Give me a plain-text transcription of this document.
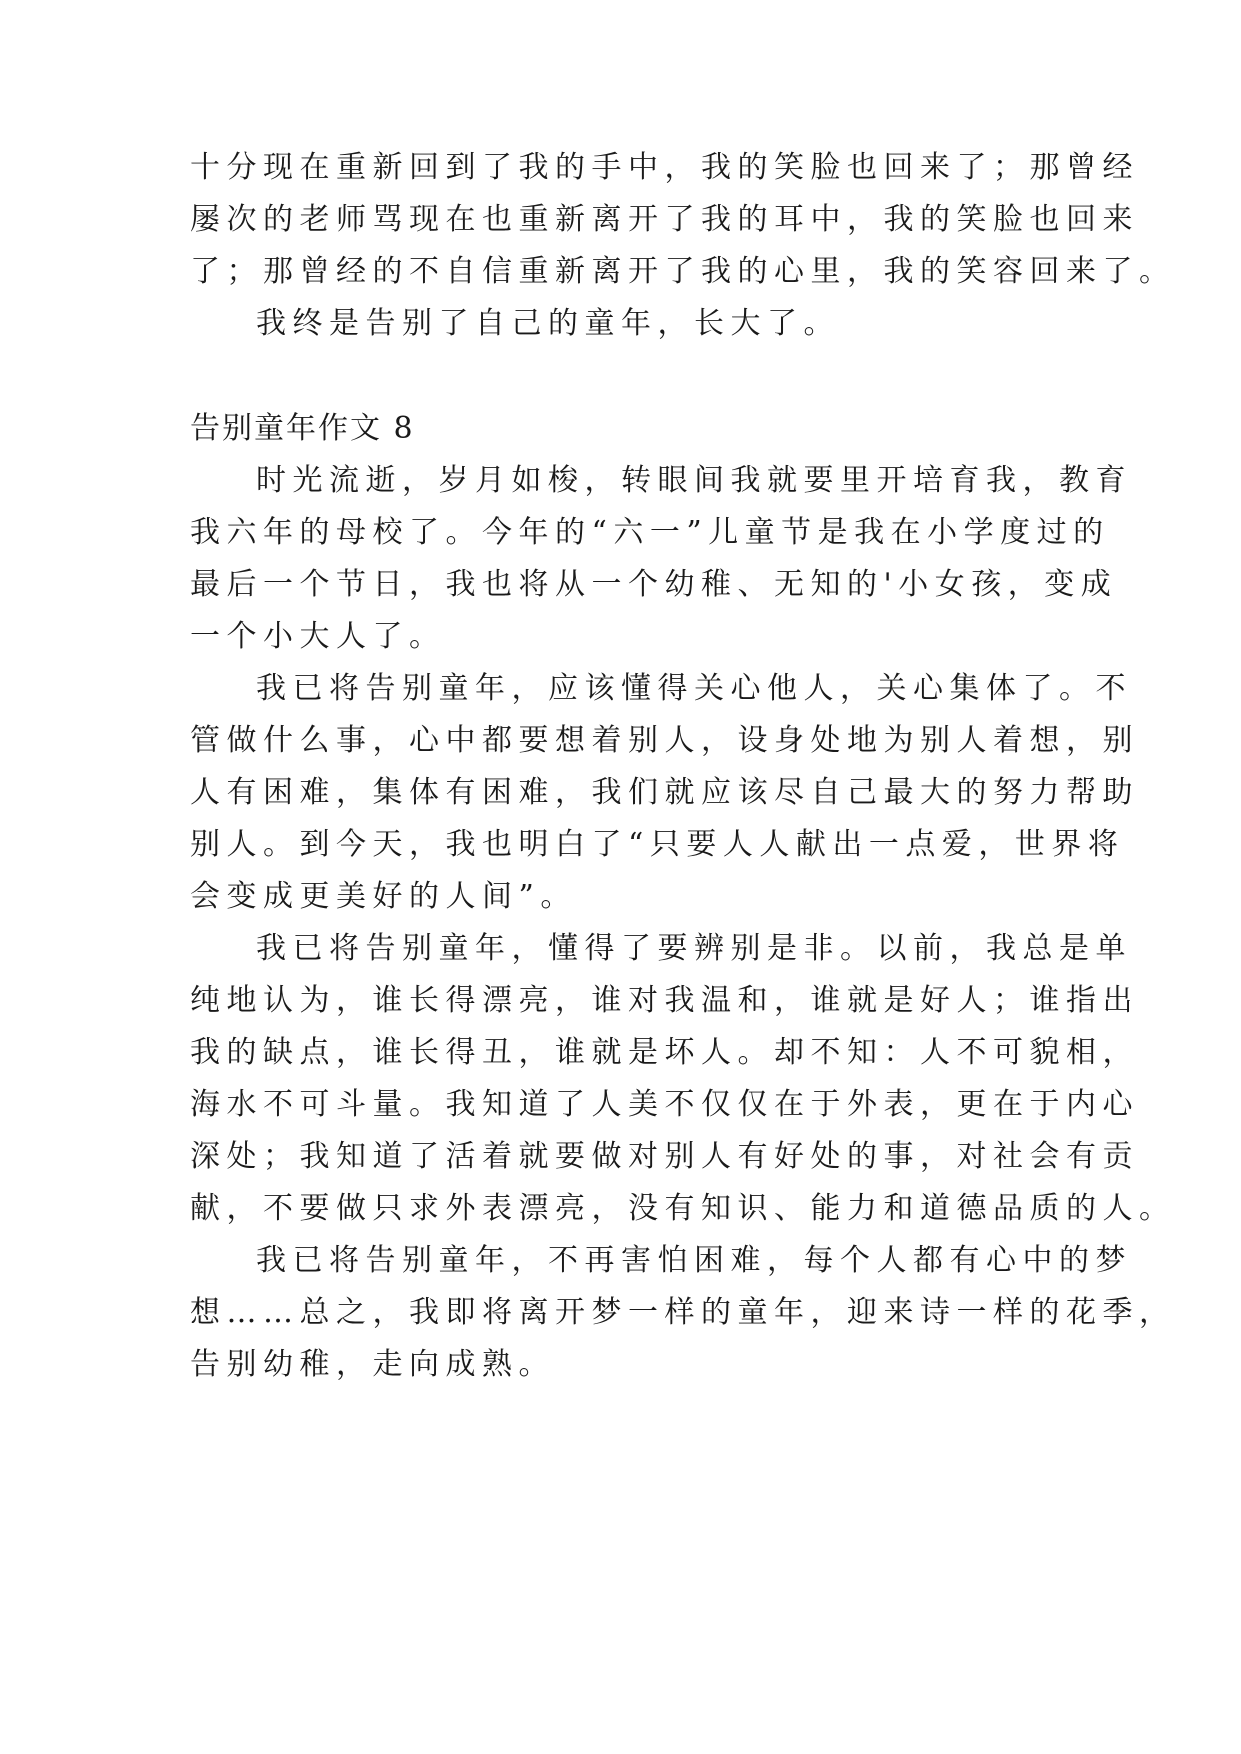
十分现在重新回到了我的手中，我的笑脸也回来了；那曾经
屡次的老师骂现在也重新离开了我的耳中，我的笑脸也回来
了；那曾经的不自信重新离开了我的心里，我的笑容回来了。
我终是告别了自己的童年，长大了。
告别童年作文 8
时光流逝，岁月如梭，转眼间我就要里开培育我，教育
我六年的母校了。今年的“六一”儿童节是我在小学度过的
最后一个节日，我也将从一个幼稚、无知的'小女孩，变成
一个小大人了。
我已将告别童年，应该懂得关心他人，关心集体了。不
管做什么事，心中都要想着别人，设身处地为别人着想，别
人有困难，集体有困难，我们就应该尽自己最大的努力帮助
别人。到今天，我也明白了“只要人人献出一点爱，世界将
会变成更美好的人间”。
我已将告别童年，懂得了要辨别是非。以前，我总是单
纯地认为，谁长得漂亮，谁对我温和，谁就是好人；谁指出
我的缺点，谁长得丑，谁就是坏人。却不知：人不可貌相，
海水不可斗量。我知道了人美不仅仅在于外表，更在于内心
深处；我知道了活着就要做对别人有好处的事，对社会有贡
献，不要做只求外表漂亮，没有知识、能力和道德品质的人。
我已将告别童年，不再害怕困难，每个人都有心中的梦
想……总之，我即将离开梦一样的童年，迎来诗一样的花季，
告别幼稚，走向成熟。
